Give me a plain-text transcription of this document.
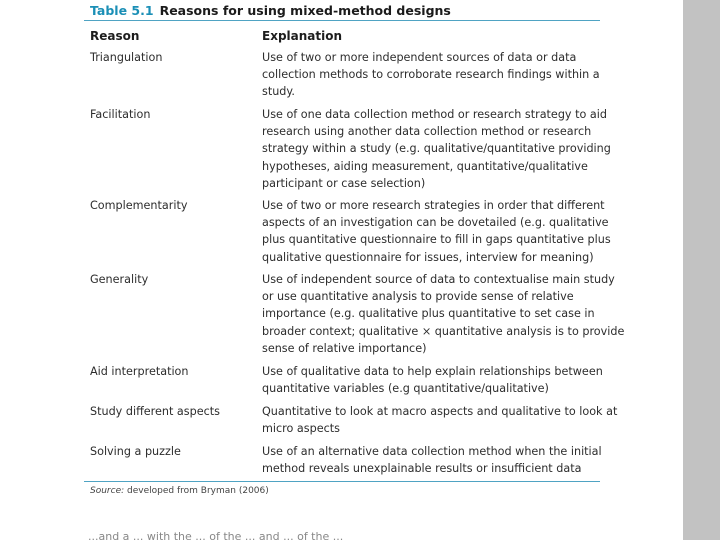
Table 5.1 Reasons for using mixed-method designs
Reason	Explanation
Triangulation	Use of two or more independent sources of data or data
collection methods to corroborate research findings within a
study.
Facilitation	Use of one data collection method or research strategy to aid
research using another data collection method or research
strategy within a study (e.g. qualitative/quantitative providing
hypotheses, aiding measurement, quantitative/qualitative
participant or case selection)
Complementarity	Use of two or more research strategies in order that different
aspects of an investigation can be dovetailed (e.g. qualitative
plus quantitative questionnaire to fill in gaps quantitative plus
qualitative questionnaire for issues, interview for meaning)
Generality	Use of independent source of data to contextualise main study
or use quantitative analysis to provide sense of relative
importance (e.g. qualitative plus quantitative to set case in
broader context; qualitative × quantitative analysis is to provide
sense of relative importance)
Aid interpretation	Use of qualitative data to help explain relationships between
quantitative variables (e.g quantitative/qualitative)
Study different aspects	Quantitative to look at macro aspects and qualitative to look at
micro aspects
Solving a puzzle	Use of an alternative data collection method when the initial
method reveals unexplainable results or insufficient data
Source: developed from Bryman (2006)
...and a ... with the ... of the ... and ... of the ...
